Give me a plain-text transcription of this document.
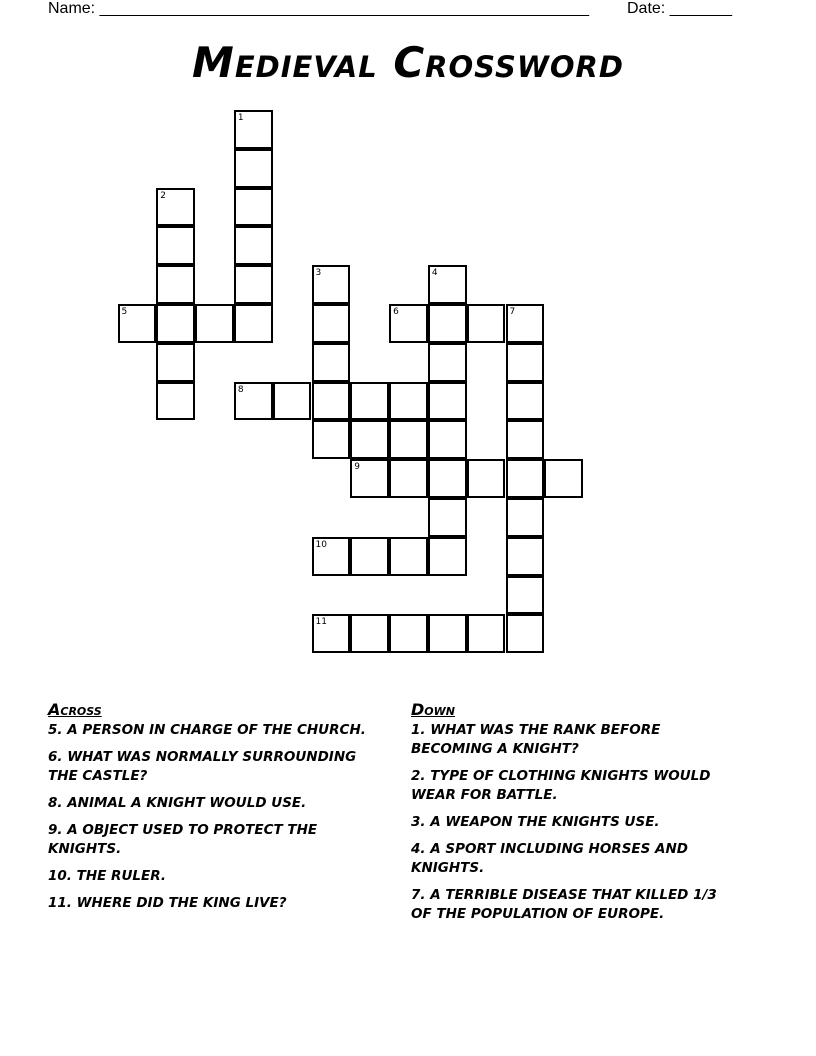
Name: _______________________________________________________ Date: _______
Medieval Crossword
1
2
3	4
5	6	7
8
9
10
11
Across
5. A PERSON IN CHARGE OF THE CHURCH.
6. WHAT WAS NORMALLY SURROUNDING THE CASTLE?
8. ANIMAL A KNIGHT WOULD USE.
9. A OBJECT USED TO PROTECT THE KNIGHTS.
10. THE RULER.
11. WHERE DID THE KING LIVE?
Down
1. WHAT WAS THE RANK BEFORE BECOMING A KNIGHT?
2. TYPE OF CLOTHING KNIGHTS WOULD WEAR FOR BATTLE.
3. A WEAPON THE KNIGHTS USE.
4. A SPORT INCLUDING HORSES AND KNIGHTS.
7. A TERRIBLE DISEASE THAT KILLED 1/3 OF THE POPULATION OF EUROPE.
